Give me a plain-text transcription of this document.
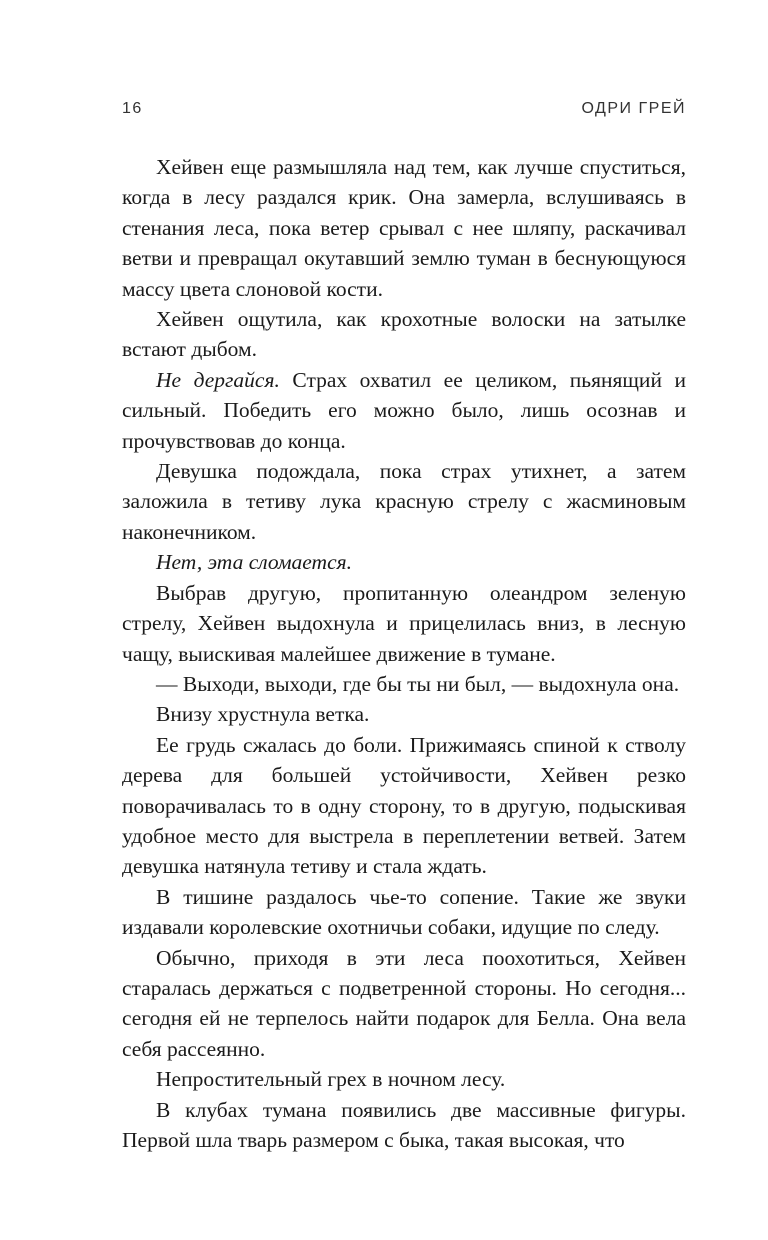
16	ОДРИ ГРЕЙ

Хейвен еще размышляла над тем, как лучше спуститься, когда в лесу раздался крик. Она замерла, вслушиваясь в стенания леса, пока ветер срывал с нее шляпу, раскачивал ветви и превращал окутавший землю туман в беснующуюся массу цвета слоновой кости.

Хейвен ощутила, как крохотные волоски на затылке встают дыбом.

Не дергайся. Страх охватил ее целиком, пьянящий и сильный. Победить его можно было, лишь осознав и прочувствовав до конца.

Девушка подождала, пока страх утихнет, а затем заложила в тетиву лука красную стрелу с жасминовым наконечником.

Нет, эта сломается.

Выбрав другую, пропитанную олеандром зеленую стрелу, Хейвен выдохнула и прицелилась вниз, в лесную чащу, выискивая малейшее движение в тумане.

— Выходи, выходи, где бы ты ни был, — выдохнула она.

Внизу хрустнула ветка.

Ее грудь сжалась до боли. Прижимаясь спиной к стволу дерева для большей устойчивости, Хейвен резко поворачивалась то в одну сторону, то в другую, подыскивая удобное место для выстрела в переплетении ветвей. Затем девушка натянула тетиву и стала ждать.

В тишине раздалось чье-то сопение. Такие же звуки издавали королевские охотничьи собаки, идущие по следу.

Обычно, приходя в эти леса поохотиться, Хейвен старалась держаться с подветренной стороны. Но сегодня... сегодня ей не терпелось найти подарок для Белла. Она вела себя рассеянно.

Непростительный грех в ночном лесу.

В клубах тумана появились две массивные фигуры. Первой шла тварь размером с быка, такая высокая, что
